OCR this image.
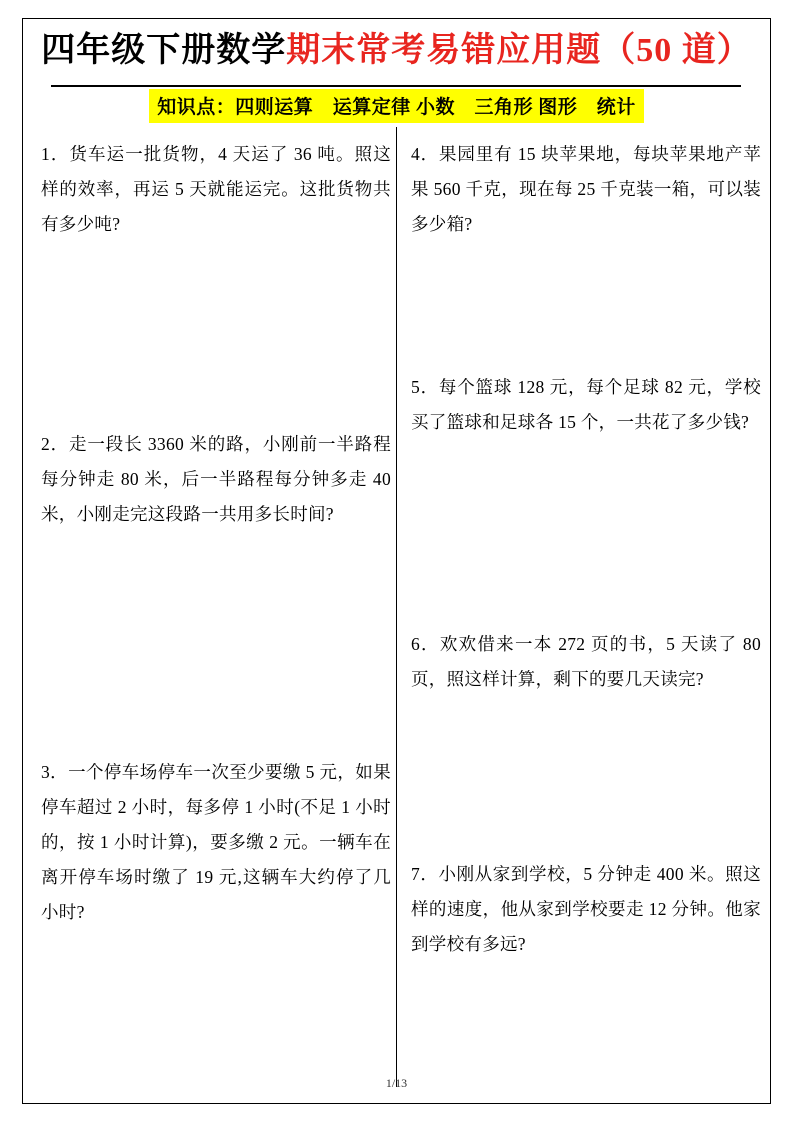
四年级下册数学 期末常考易错应用题（50 道）
知识点：四则运算　运算定律 小数　三角形 图形　统计

1．货车运一批货物，4 天运了 36 吨。照这样的效率，再运 5 天就能运完。这批货物共有多少吨?

2．走一段长 3360 米的路，小刚前一半路程每分钟走 80 米，后一半路程每分钟多走 40 米，小刚走完这段路一共用多长时间?

3．一个停车场停车一次至少要缴 5 元，如果停车超过 2 小时，每多停 1 小时(不足 1 小时的，按 1 小时计算)，要多缴 2 元。一辆车在离开停车场时缴了 19 元,这辆车大约停了几小时?

4．果园里有 15 块苹果地，每块苹果地产苹果 560 千克，现在每 25 千克装一箱，可以装多少箱?

5．每个篮球 128 元，每个足球 82 元，学校买了篮球和足球各 15 个，一共花了多少钱?

6．欢欢借来一本 272 页的书，5 天读了 80 页，照这样计算，剩下的要几天读完?

7．小刚从家到学校，5 分钟走 400 米。照这样的速度，他从家到学校要走 12 分钟。他家到学校有多远?

1/13
